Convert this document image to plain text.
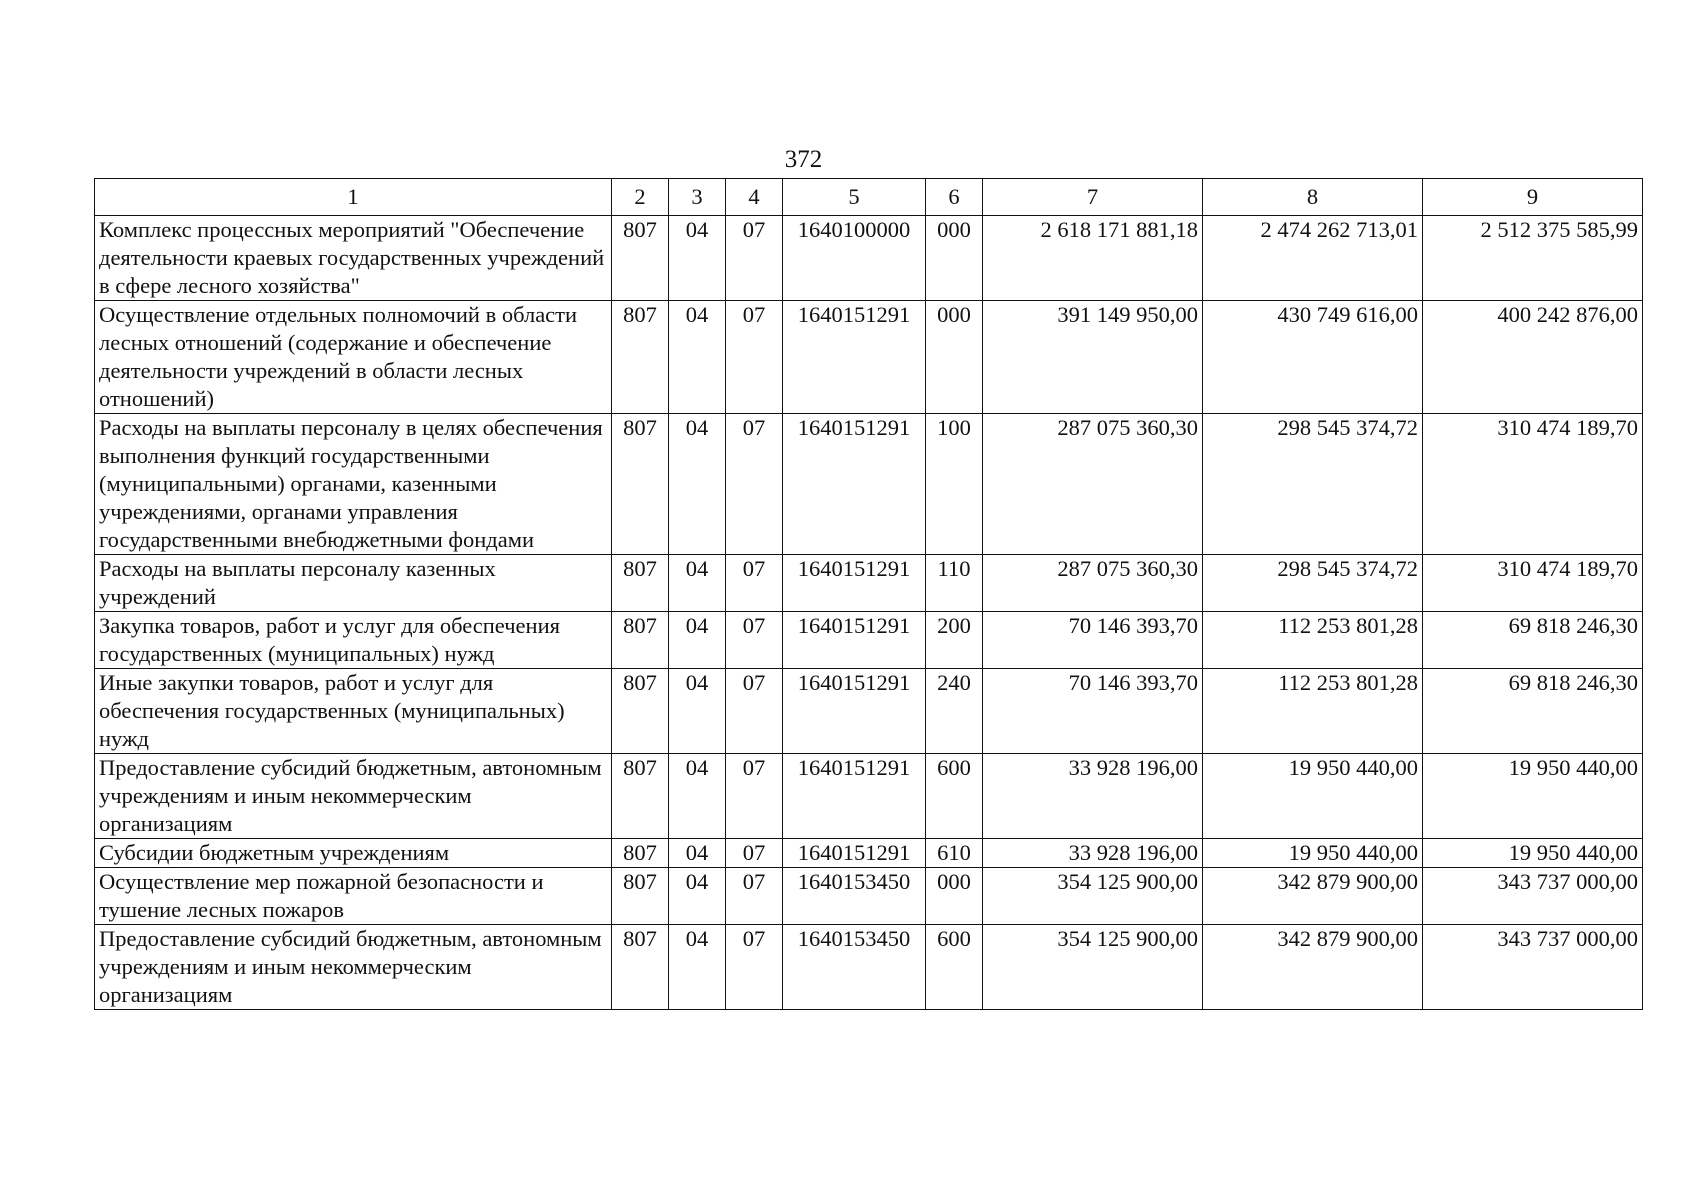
372
1	2	3	4	5	6	7	8	9
Комплекс процессных мероприятий "Обеспечение деятельности краевых государственных учреждений в сфере лесного хозяйства"	807	04	07	1640100000	000	2 618 171 881,18	2 474 262 713,01	2 512 375 585,99
Осуществление отдельных полномочий в области лесных отношений (содержание и обеспечение деятельности учреждений в области лесных отношений)	807	04	07	1640151291	000	391 149 950,00	430 749 616,00	400 242 876,00
Расходы на выплаты персоналу в целях обеспечения выполнения функций государственными (муниципальными) органами, казенными учреждениями, органами управления государственными внебюджетными фондами	807	04	07	1640151291	100	287 075 360,30	298 545 374,72	310 474 189,70
Расходы на выплаты персоналу казенных учреждений	807	04	07	1640151291	110	287 075 360,30	298 545 374,72	310 474 189,70
Закупка товаров, работ и услуг для обеспечения государственных (муниципальных) нужд	807	04	07	1640151291	200	70 146 393,70	112 253 801,28	69 818 246,30
Иные закупки товаров, работ и услуг для обеспечения государственных (муниципальных) нужд	807	04	07	1640151291	240	70 146 393,70	112 253 801,28	69 818 246,30
Предоставление субсидий бюджетным, автономным учреждениям и иным некоммерческим организациям	807	04	07	1640151291	600	33 928 196,00	19 950 440,00	19 950 440,00
Субсидии бюджетным учреждениям	807	04	07	1640151291	610	33 928 196,00	19 950 440,00	19 950 440,00
Осуществление мер пожарной безопасности и тушение лесных пожаров	807	04	07	1640153450	000	354 125 900,00	342 879 900,00	343 737 000,00
Предоставление субсидий бюджетным, автономным учреждениям и иным некоммерческим организациям	807	04	07	1640153450	600	354 125 900,00	342 879 900,00	343 737 000,00
